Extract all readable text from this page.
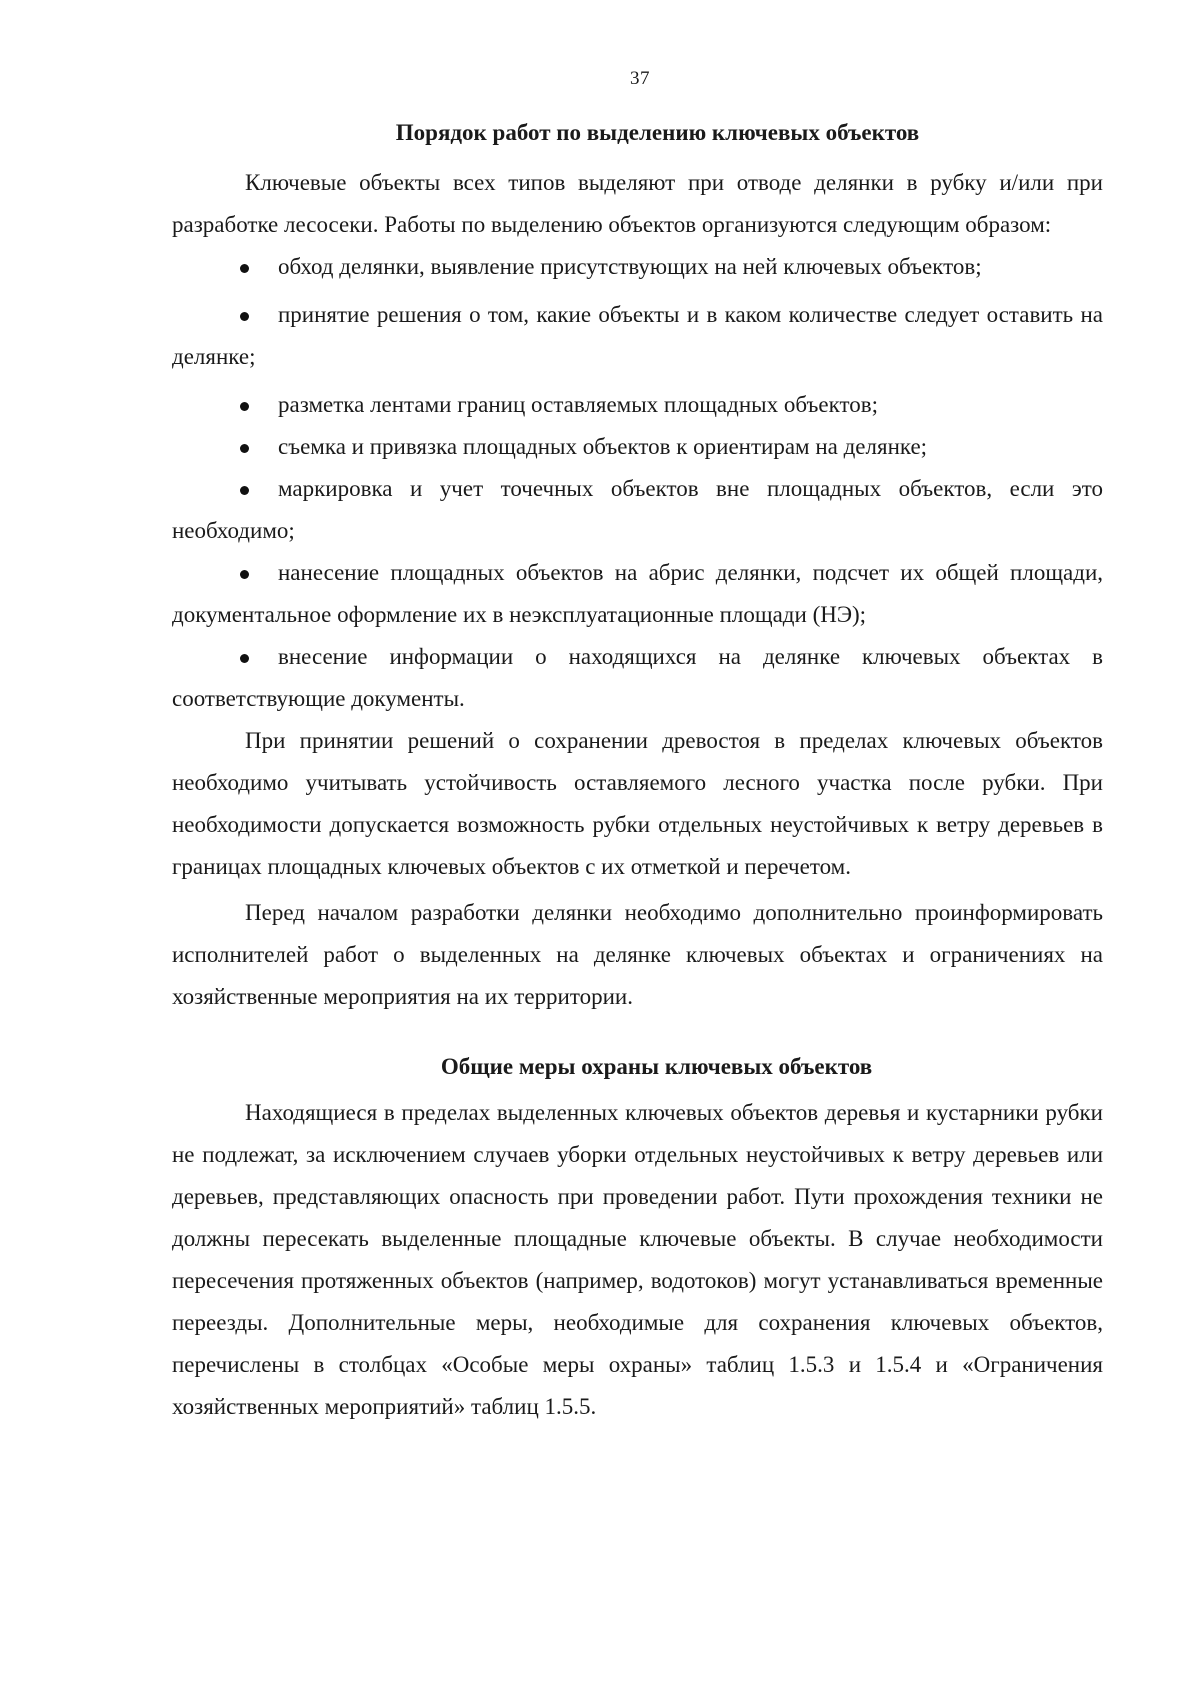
37
Порядок работ по выделению ключевых объектов

Ключевые объекты всех типов выделяют при отводе делянки в рубку и/или при разработке лесосеки. Работы по выделению объектов организуются следующим образом:

обход делянки, выявление присутствующих на ней ключевых объектов;
принятие решения о том, какие объекты и в каком количестве следует оставить на делянке;
разметка лентами границ оставляемых площадных объектов;
съемка и привязка площадных объектов к ориентирам на делянке;
маркировка и учет точечных объектов вне площадных объектов, если это необходимо;
нанесение площадных объектов на абрис делянки, подсчет их общей площади, документальное оформление их в неэксплуатационные площади (НЭ);
внесение информации о находящихся на делянке ключевых объектах в соответствующие документы.

При принятии решений о сохранении древостоя в пределах ключевых объектов необходимо учитывать устойчивость оставляемого лесного участка после рубки. При необходимости допускается возможность рубки отдельных неустойчивых к ветру деревьев в границах площадных ключевых объектов с их отметкой и перечетом.

Перед началом разработки делянки необходимо дополнительно проинформировать исполнителей работ о выделенных на делянке ключевых объектах и ограничениях на хозяйственные мероприятия на их территории.

Общие меры охраны ключевых объектов

Находящиеся в пределах выделенных ключевых объектов деревья и кустарники рубки не подлежат, за исключением случаев уборки отдельных неустойчивых к ветру деревьев или деревьев, представляющих опасность при проведении работ. Пути прохождения техники не должны пересекать выделенные площадные ключевые объекты. В случае необходимости пересечения протяженных объектов (например, водотоков) могут устанавливаться временные переезды. Дополнительные меры, необходимые для сохранения ключевых объектов, перечислены в столбцах «Особые меры охраны» таблиц 1.5.3 и 1.5.4 и «Ограничения хозяйственных мероприятий» таблиц 1.5.5.
